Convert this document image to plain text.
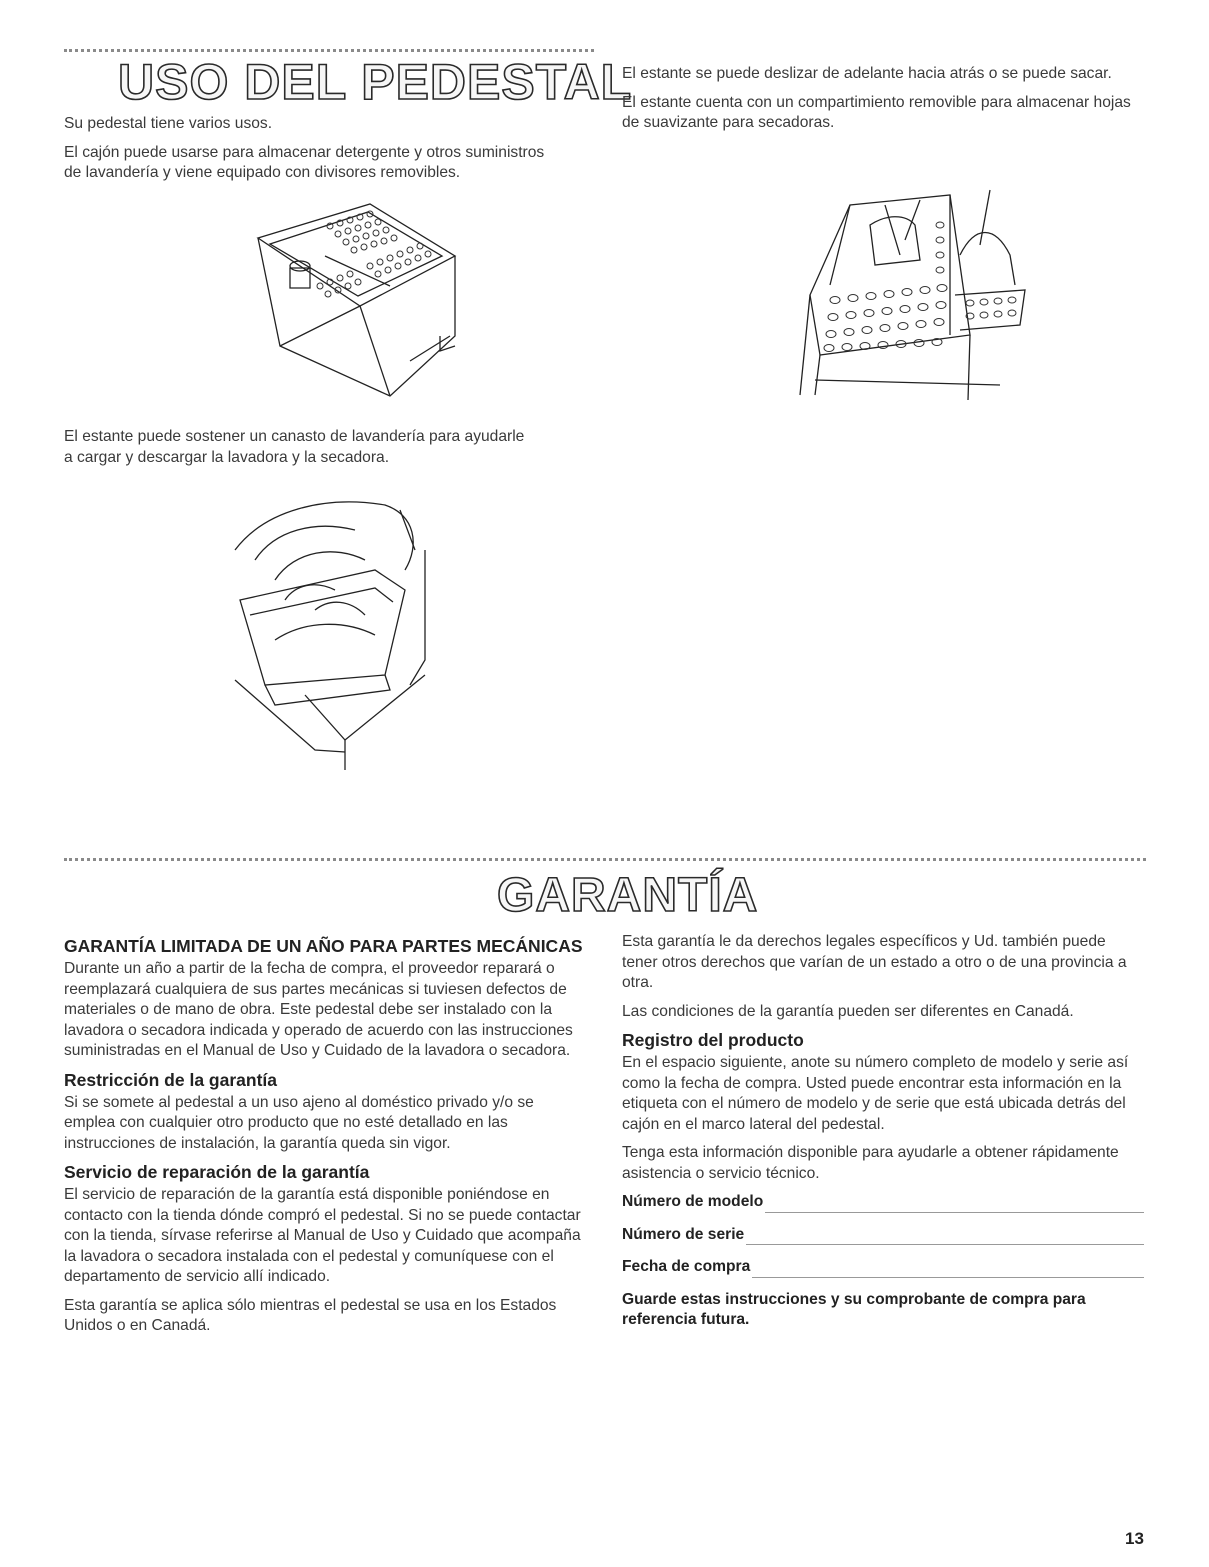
USO DEL PEDESTAL

Su pedestal tiene varios usos.

El cajón puede usarse para almacenar detergente y otros suministros de lavandería y viene equipado con divisores removibles.

El estante puede sostener un canasto de lavandería para ayudarle a cargar y descargar la lavadora y la secadora.

El estante se puede deslizar de adelante hacia atrás o se puede sacar.

El estante cuenta con un compartimiento removible para almacenar hojas de suavizante para secadoras.

GARANTÍA
GARANTÍA LIMITADA DE UN AÑO PARA PARTES MECÁNICAS

Durante un año a partir de la fecha de compra, el proveedor reparará o reemplazará cualquiera de sus partes mecánicas si tuviesen defectos de materiales o de mano de obra. Este pedestal debe ser instalado con la lavadora o secadora indicada y operado de acuerdo con las instrucciones suministradas en el Manual de Uso y Cuidado de la lavadora o secadora.

Restricción de la garantía

Si se somete al pedestal a un uso ajeno al doméstico privado y/o se emplea con cualquier otro producto que no esté detallado en las instrucciones de instalación, la garantía queda sin vigor.

Servicio de reparación de la garantía

El servicio de reparación de la garantía está disponible poniéndose en contacto con la tienda dónde compró el pedestal. Si no se puede contactar con la tienda, sírvase referirse al Manual de Uso y Cuidado que acompaña la lavadora o secadora instalada con el pedestal y comuníquese con el departamento de servicio allí indicado.

Esta garantía se aplica sólo mientras el pedestal se usa en los Estados Unidos o en Canadá.

Esta garantía le da derechos legales específicos y Ud. también puede tener otros derechos que varían de un estado a otro o de una provincia a otra.

Las condiciones de la garantía pueden ser diferentes en Canadá.

Registro del producto

En el espacio siguiente, anote su número completo de modelo y serie así como la fecha de compra. Usted puede encontrar esta información en la etiqueta con el número de modelo y de serie que está ubicada detrás del cajón en el marco lateral del pedestal.

Tenga esta información disponible para ayudarle a obtener rápidamente asistencia o servicio técnico.

Número de modelo
Número de serie
Fecha de compra

Guarde estas instrucciones y su comprobante de compra para referencia futura.

13
